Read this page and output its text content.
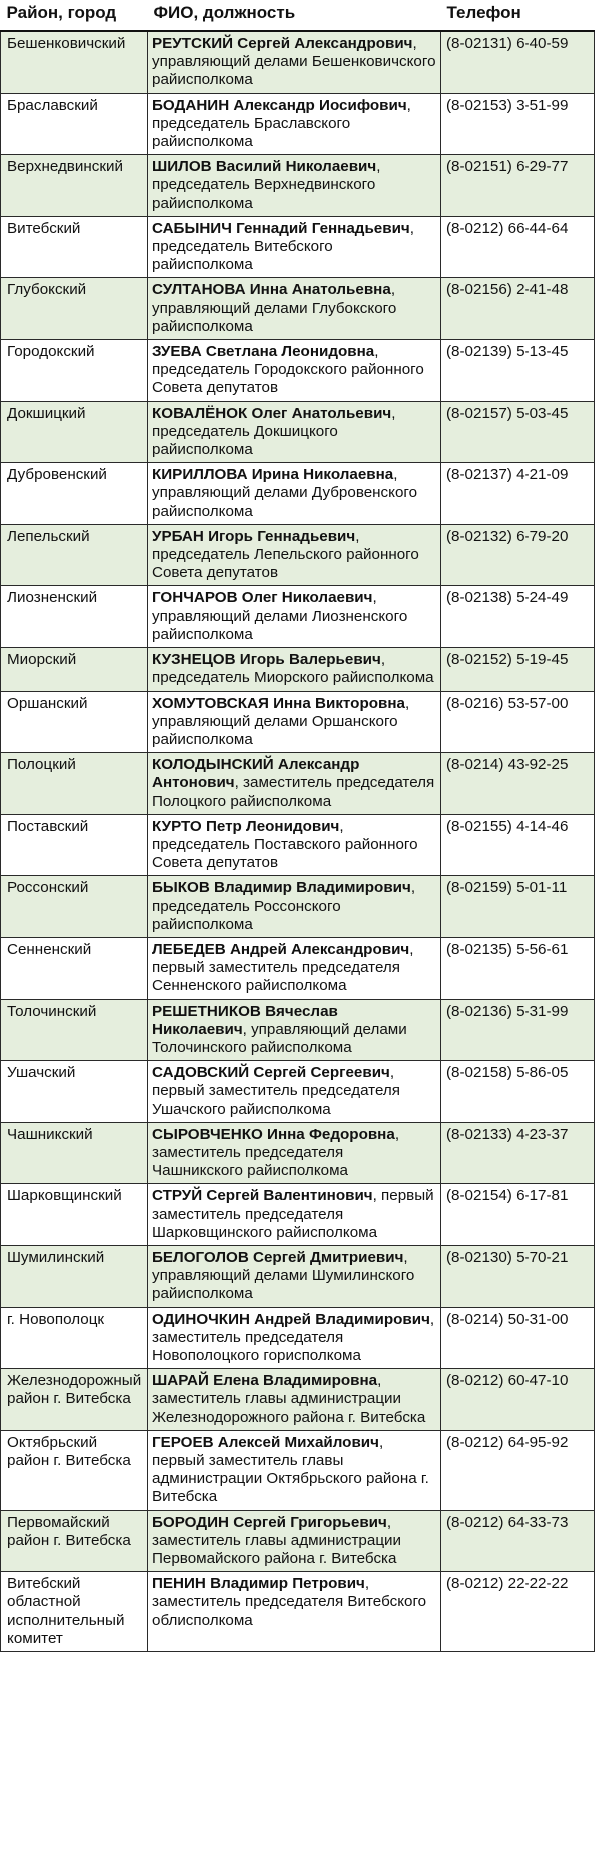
Район, город	ФИО, должность	Телефон
Бешенковичский	РЕУТСКИЙ Сергей Александрович, управляющий делами Бешенковичского райисполкома	(8-02131) 6-40-59
Браславский	БОДАНИН Александр Иосифович, председатель Браславского райисполкома	(8-02153) 3-51-99
Верхнедвинский	ШИЛОВ Василий Николаевич, председатель Верхнедвинского райисполкома	(8-02151) 6-29-77
Витебский	САБЫНИЧ Геннадий Геннадьевич, председатель Витебского райисполкома	(8-0212) 66-44-64
Глубокский	СУЛТАНОВА Инна Анатольевна, управляющий делами Глубокского райисполкома	(8-02156) 2-41-48
Городокский	ЗУЕВА Светлана Леонидовна, председатель Городокского районного Совета депутатов	(8-02139) 5-13-45
Докшицкий	КОВАЛЁНОК Олег Анатольевич, председатель Докшицкого райисполкома	(8-02157) 5-03-45
Дубровенский	КИРИЛЛОВА Ирина Николаевна, управляющий делами Дубровенского райисполкома	(8-02137) 4-21-09
Лепельский	УРБАН Игорь Геннадьевич, председатель Лепельского районного Совета депутатов	(8-02132) 6-79-20
Лиозненский	ГОНЧАРОВ Олег Николаевич, управляющий делами Лиозненского райисполкома	(8-02138) 5-24-49
Миорский	КУЗНЕЦОВ Игорь Валерьевич, председатель Миорского райисполкома	(8-02152) 5-19-45
Оршанский	ХОМУТОВСКАЯ Инна Викторовна, управляющий делами Оршанского райисполкома	(8-0216) 53-57-00
Полоцкий	КОЛОДЫНСКИЙ Александр Антонович, заместитель председателя Полоцкого райисполкома	(8-0214) 43-92-25
Поставский	КУРТО Петр Леонидович, председатель Поставского районного Совета депутатов	(8-02155) 4-14-46
Россонский	БЫКОВ Владимир Владимирович, председатель Россонского райисполкома	(8-02159) 5-01-11
Сенненский	ЛЕБЕДЕВ Андрей Александрович, первый заместитель председателя Сенненского райисполкома	(8-02135) 5-56-61
Толочинский	РЕШЕТНИКОВ Вячеслав Николаевич, управляющий делами Толочинского райисполкома	(8-02136) 5-31-99
Ушачский	САДОВСКИЙ Сергей Сергеевич, первый заместитель председателя Ушачского райисполкома	(8-02158) 5-86-05
Чашникский	СЫРОВЧЕНКО Инна Федоровна, заместитель председателя Чашникского райисполкома	(8-02133) 4-23-37
Шарковщинский	СТРУЙ Сергей Валентинович, первый заместитель председателя Шарковщинского райисполкома	(8-02154) 6-17-81
Шумилинский	БЕЛОГОЛОВ Сергей Дмитриевич, управляющий делами Шумилинского райисполкома	(8-02130) 5-70-21
г. Новополоцк	ОДИНОЧКИН Андрей Владимирович, заместитель председателя Новополоцкого горисполкома	(8-0214) 50-31-00
Железнодорожный район г. Витебска	ШАРАЙ Елена Владимировна, заместитель главы администрации Железнодорожного района г. Витебска	(8-0212) 60-47-10
Октябрьский район г. Витебска	ГЕРОЕВ Алексей Михайлович, первый заместитель главы администрации Октябрьского района г. Витебска	(8-0212) 64-95-92
Первомайский район г. Витебска	БОРОДИН Сергей Григорьевич, заместитель главы администрации Первомайского района г. Витебска	(8-0212) 64-33-73
Витебский областной исполнительный комитет	ПЕНИН Владимир Петрович, заместитель председателя Витебского облисполкома	(8-0212) 22-22-22
